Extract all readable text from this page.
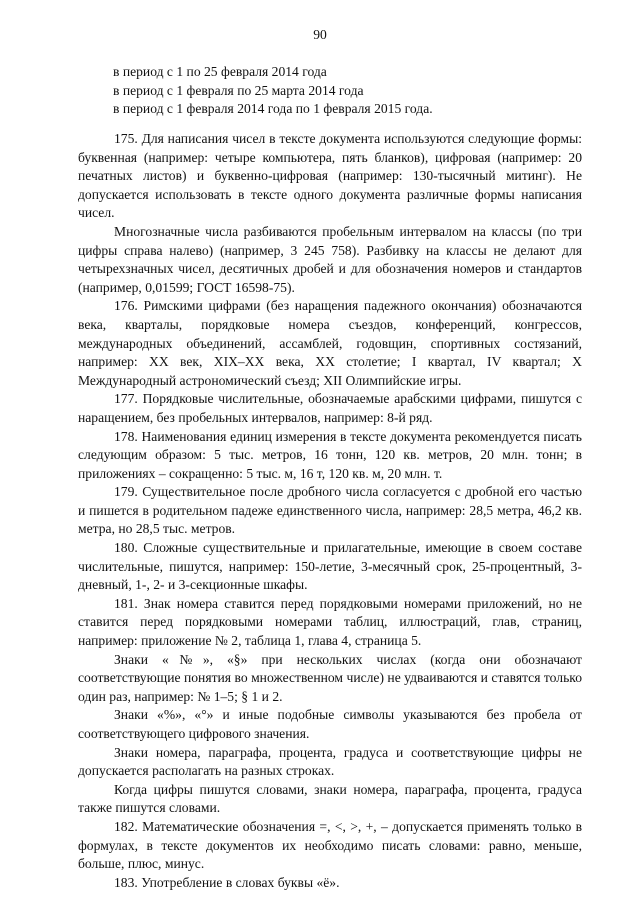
90
в период с 1 по 25 февраля 2014 года
в период с 1 февраля по 25 марта 2014 года
в период с 1 февраля 2014 года по 1 февраля 2015 года.

175. Для написания чисел в тексте документа используются следующие формы: буквенная (например: четыре компьютера, пять бланков), цифровая (например: 20 печатных листов) и буквенно-цифровая (например: 130-тысячный митинг). Не допускается использовать в тексте одного документа различные формы написания чисел.

Многозначные числа разбиваются пробельным интервалом на классы (по три цифры справа налево) (например, 3 245 758). Разбивку на классы не делают для четырехзначных чисел, десятичных дробей и для обозначения номеров и стандартов (например, 0,01599; ГОСТ 16598-75).

176. Римскими цифрами (без наращения падежного окончания) обозначаются века, кварталы, порядковые номера съездов, конференций, конгрессов, международных объединений, ассамблей, годовщин, спортивных состязаний, например: XX век, XIX–XX века, XX столетие; I квартал, IV квартал; X Международный астрономический съезд; XII Олимпийские игры.

177. Порядковые числительные, обозначаемые арабскими цифрами, пишутся с наращением, без пробельных интервалов, например: 8-й ряд.

178. Наименования единиц измерения в тексте документа рекомендуется писать следующим образом: 5 тыс. метров, 16 тонн, 120 кв. метров, 20 млн. тонн; в приложениях – сокращенно: 5 тыс. м, 16 т, 120 кв. м, 20 млн. т.

179. Существительное после дробного числа согласуется с дробной его частью и пишется в родительном падеже единственного числа, например: 28,5 метра, 46,2 кв. метра, но 28,5 тыс. метров.

180. Сложные существительные и прилагательные, имеющие в своем составе числительные, пишутся, например: 150-летие, 3-месячный срок, 25-процентный, 3-дневный, 1-, 2- и 3-секционные шкафы.

181. Знак номера ставится перед порядковыми номерами приложений, но не ставится перед порядковыми номерами таблиц, иллюстраций, глав, страниц, например: приложение № 2, таблица 1, глава 4, страница 5.

Знаки «№», «§» при нескольких числах (когда они обозначают соответствующие понятия во множественном числе) не удваиваются и ставятся только один раз, например: № 1–5; § 1 и 2.

Знаки «%», «°» и иные подобные символы указываются без пробела от соответствующего цифрового значения.

Знаки номера, параграфа, процента, градуса и соответствующие цифры не допускается располагать на разных строках.

Когда цифры пишутся словами, знаки номера, параграфа, процента, градуса также пишутся словами.

182. Математические обозначения =, <, >, +, – допускается применять только в формулах, в тексте документов их необходимо писать словами: равно, меньше, больше, плюс, минус.

183. Употребление в словах буквы «ё».
